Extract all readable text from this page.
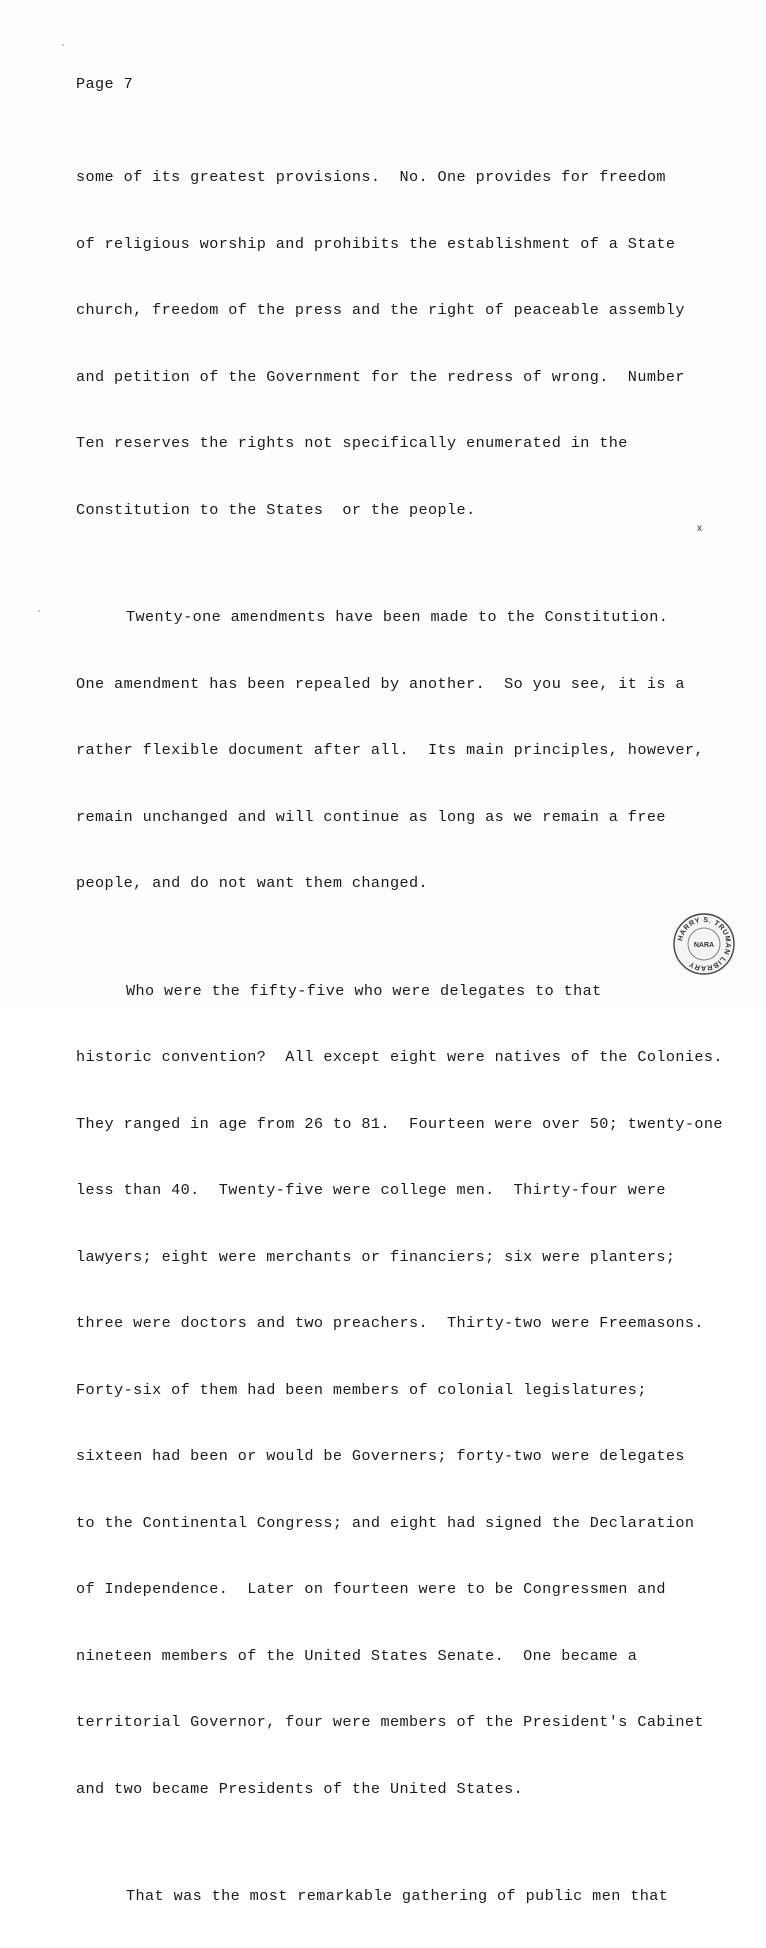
Page 7

some of its greatest provisions.  No. One provides for freedom

of religious worship and prohibits the establishment of a State

church, freedom of the press and the right of peaceable assembly

and petition of the Government for the redress of wrong.  Number

Ten reserves the rights not specifically enumerated in the

Constitution to the States  or the people.

Twenty-one amendments have been made to the Constitution.

One amendment has been repealed by another.  So you see, it is a

rather flexible document after all.  Its main principles, however,

remain unchanged and will continue as long as we remain a free

people, and do not want them changed.

Who were the fifty-five who were delegates to that

historic convention?  All except eight were natives of the Colonies.

They ranged in age from 26 to 81.  Fourteen were over 50; twenty-one

less than 40.  Twenty-five were college men.  Thirty-four were

lawyers; eight were merchants or financiers; six were planters;

three were doctors and two preachers.  Thirty-two were Freemasons.

Forty-six of them had been members of colonial legislatures;

sixteen had been or would be Governers; forty-two were delegates

to the Continental Congress; and eight had signed the Declaration

of Independence.  Later on fourteen were to be Congressmen and

nineteen members of the United States Senate.  One became a

territorial Governor, four were members of the President's Cabinet

and two became Presidents of the United States.

That was the most remarkable gathering of public men that

x
HARRY S. TRUMAN LIBRARY
NARA
